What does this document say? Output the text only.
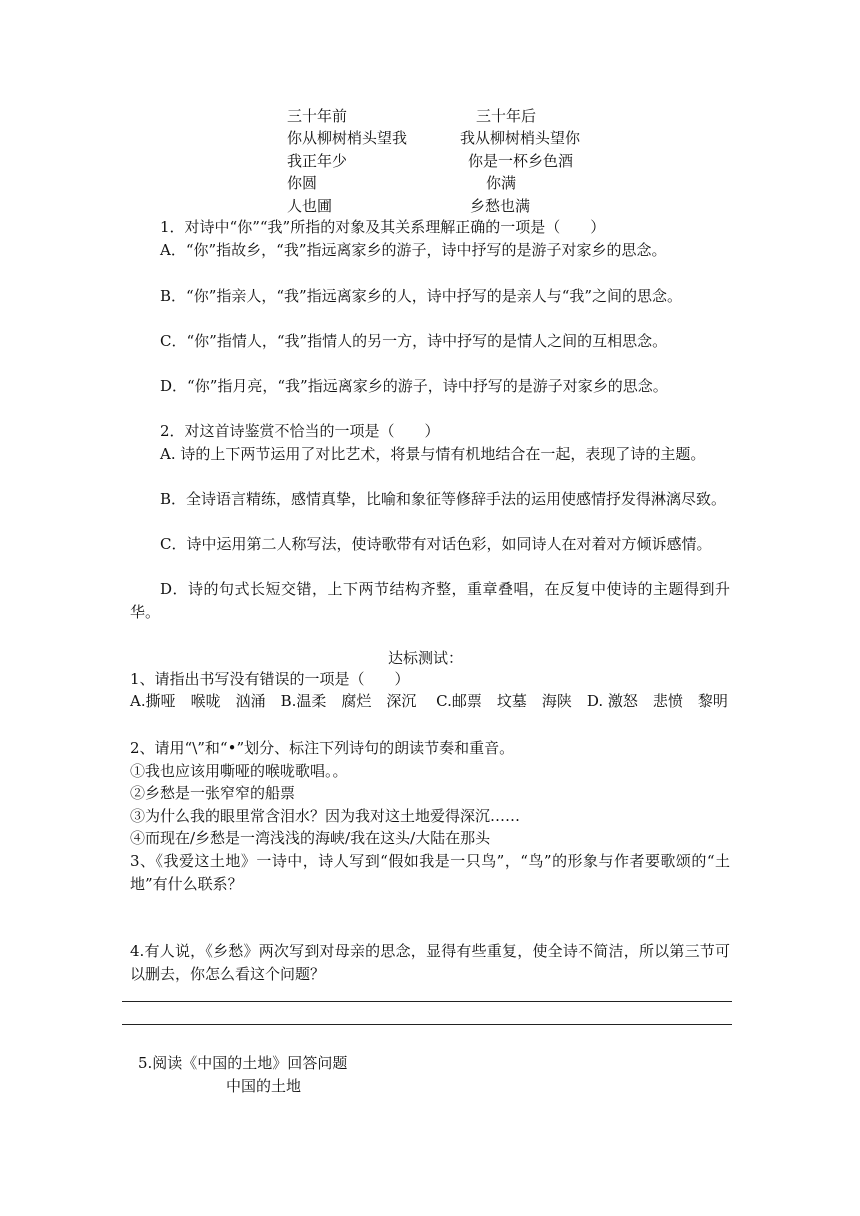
三十年前	三十年后
你从柳树梢头望我	我从柳树梢头望你
我正年少	你是一杯乡色酒
你圆	你满
人也圃	乡愁也满
1．对诗中“你”“我”所指的对象及其关系理解正确的一项是（　　）
A．“你”指故乡，“我”指远离家乡的游子，诗中抒写的是游子对家乡的思念。
B．“你”指亲人，“我”指远离家乡的人，诗中抒写的是亲人与“我”之间的思念。
C．“你”指情人，“我”指情人的另一方，诗中抒写的是情人之间的互相思念。
D．“你”指月亮，“我”指远离家乡的游子，诗中抒写的是游子对家乡的思念。
2．对这首诗鉴赏不恰当的一项是（　　）
A. 诗的上下两节运用了对比艺术，将景与情有机地结合在一起，表现了诗的主题。
B．全诗语言精练，感情真挚，比喻和象征等修辞手法的运用使感情抒发得淋漓尽致。
C．诗中运用第二人称写法，使诗歌带有对话色彩，如同诗人在对着对方倾诉感情。
D．诗的句式长短交错，上下两节结构齐整，重章叠唱，在反复中使诗的主题得到升华。
达标测试：
1、请指出书写没有错误的一项是（　　）
A.撕哑　喉咙　汹涌　B.温柔　腐烂　深沉　 C.邮票　坟墓　海陕　D. 激怒　悲愤　黎明
2、请用“\”和“•”划分、标注下列诗句的朗读节奏和重音。
①我也应该用嘶哑的喉咙歌唱。。
②乡愁是一张窄窄的船票
③为什么我的眼里常含泪水？因为我对这土地爱得深沉……
④而现在/乡愁是一湾浅浅的海峡/我在这头/大陆在那头
3、《我爱这土地》一诗中，诗人写到“假如我是一只鸟”，“鸟”的形象与作者要歌颂的“土地”有什么联系？
4.有人说，《乡愁》两次写到对母亲的思念，显得有些重复，使全诗不简洁，所以第三节可以删去，你怎么看这个问题？
5.阅读《中国的土地》回答问题
中国的土地
